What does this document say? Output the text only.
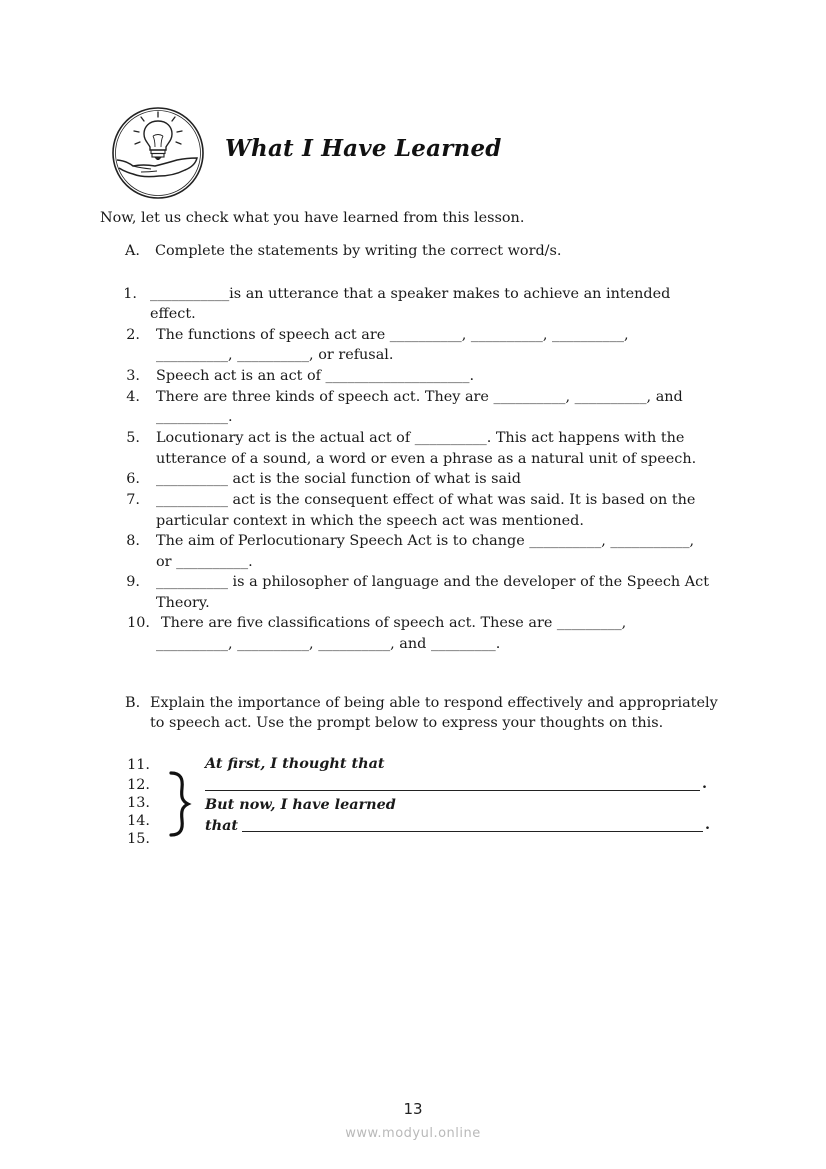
What I Have Learned
Now, let us check what you have learned from this lesson.
A. Complete the statements by writing the correct word/s.
1. ___________is an utterance that a speaker makes to achieve an intended
effect.
2. The functions of speech act are __________, __________, __________,
__________, __________, or refusal.
3. Speech act is an act of ____________________.
4. There are three kinds of speech act. They are __________, __________, and
__________.
5. Locutionary act is the actual act of __________. This act happens with the
utterance of a sound, a word or even a phrase as a natural unit of speech.
6. __________ act is the social function of what is said
7. __________ act is the consequent effect of what was said. It is based on the
particular context in which the speech act was mentioned.
8. The aim of Perlocutionary Speech Act is to change __________, ___________,
or __________.
9. __________ is a philosopher of language and the developer of the Speech Act
Theory.
10. There are five classifications of speech act. These are _________,
__________, __________, __________, and _________.
B. Explain the importance of being able to respond effectively and appropriately
to speech act. Use the prompt below to express your thoughts on this.
11.
12.
13.
14.
15.
At first, I thought that
.
But now, I have learned
that	.
13
www.modyul.online
